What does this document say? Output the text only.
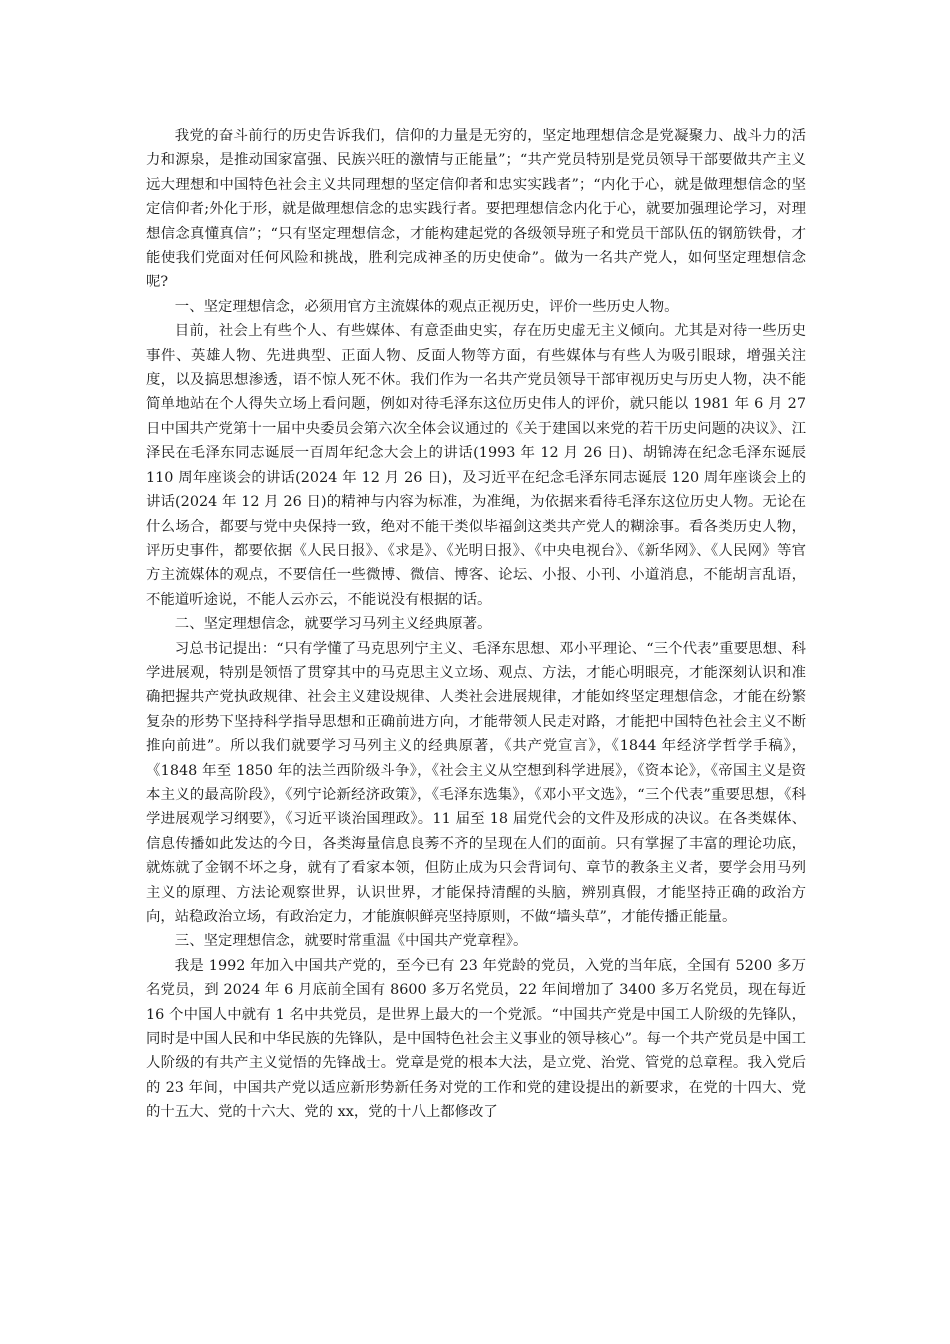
我党的奋斗前行的历史告诉我们，信仰的力量是无穷的，坚定地理想信念是党凝聚力、战斗力的活力和源泉，是推动国家富强、民族兴旺的激情与正能量”；“共产党员特别是党员领导干部要做共产主义远大理想和中国特色社会主义共同理想的坚定信仰者和忠实实践者”；“内化于心，就是做理想信念的坚定信仰者;外化于形，就是做理想信念的忠实践行者。要把理想信念内化于心，就要加强理论学习，对理想信念真懂真信”；“只有坚定理想信念，才能构建起党的各级领导班子和党员干部队伍的钢筋铁骨，才能使我们党面对任何风险和挑战，胜利完成神圣的历史使命”。做为一名共产党人，如何坚定理想信念呢?

一、坚定理想信念，必须用官方主流媒体的观点正视历史，评价一些历史人物。

目前，社会上有些个人、有些媒体、有意歪曲史实，存在历史虚无主义倾向。尤其是对待一些历史事件、英雄人物、先进典型、正面人物、反面人物等方面，有些媒体与有些人为吸引眼球，增强关注度，以及搞思想渗透，语不惊人死不休。我们作为一名共产党员领导干部审视历史与历史人物，决不能简单地站在个人得失立场上看问题，例如对待毛泽东这位历史伟人的评价，就只能以 1981 年 6 月 27 日中国共产党第十一届中央委员会第六次全体会议通过的《关于建国以来党的若干历史问题的决议》、江泽民在毛泽东同志诞辰一百周年纪念大会上的讲话(1993 年 12 月 26 日)、胡锦涛在纪念毛泽东诞辰 110 周年座谈会的讲话(2024 年 12 月 26 日)，及习近平在纪念毛泽东同志诞辰 120 周年座谈会上的讲话(2024 年 12 月 26 日)的精神与内容为标准，为准绳，为依据来看待毛泽东这位历史人物。无论在什么场合，都要与党中央保持一致，绝对不能干类似毕福剑这类共产党人的糊涂事。看各类历史人物，评历史事件，都要依据《人民日报》、《求是》、《光明日报》、《中央电视台》、《新华网》、《人民网》等官方主流媒体的观点，不要信任一些微博、微信、博客、论坛、小报、小刊、小道消息，不能胡言乱语，不能道听途说，不能人云亦云，不能说没有根据的话。

二、坚定理想信念，就要学习马列主义经典原著。

习总书记提出：“只有学懂了马克思列宁主义、毛泽东思想、邓小平理论、“三个代表”重要思想、科学进展观，特别是领悟了贯穿其中的马克思主义立场、观点、方法，才能心明眼亮，才能深刻认识和准确把握共产党执政规律、社会主义建设规律、人类社会进展规律，才能如终坚定理想信念，才能在纷繁复杂的形势下坚持科学指导思想和正确前进方向，才能带领人民走对路，才能把中国特色社会主义不断推向前进”。所以我们就要学习马列主义的经典原著，《共产党宣言》，《1844 年经济学哲学手稿》，《1848 年至 1850 年的法兰西阶级斗争》，《社会主义从空想到科学进展》，《资本论》，《帝国主义是资本主义的最高阶段》，《列宁论新经济政策》，《毛泽东选集》，《邓小平文选》，“三个代表”重要思想，《科学进展观学习纲要》，《习近平谈治国理政》。11 届至 18 届党代会的文件及形成的决议。在各类媒体、信息传播如此发达的今日，各类海量信息良莠不齐的呈现在人们的面前。只有掌握了丰富的理论功底，就炼就了金钢不坏之身，就有了看家本领，但防止成为只会背词句、章节的教条主义者，要学会用马列主义的原理、方法论观察世界，认识世界，才能保持清醒的头脑，辨别真假，才能坚持正确的政治方向，站稳政治立场，有政治定力，才能旗帜鲜亮坚持原则，不做“墙头草”，才能传播正能量。

三、坚定理想信念，就要时常重温《中国共产党章程》。

我是 1992 年加入中国共产党的，至今已有 23 年党龄的党员，入党的当年底，全国有 5200 多万名党员，到 2024 年 6 月底前全国有 8600 多万名党员，22 年间增加了 3400 多万名党员，现在每近 16 个中国人中就有 1 名中共党员，是世界上最大的一个党派。“中国共产党是中国工人阶级的先锋队，同时是中国人民和中华民族的先锋队，是中国特色社会主义事业的领导核心”。每一个共产党员是中国工人阶级的有共产主义觉悟的先锋战士。党章是党的根本大法，是立党、治党、管党的总章程。我入党后的 23 年间，中国共产党以适应新形势新任务对党的工作和党的建设提出的新要求，在党的十四大、党的十五大、党的十六大、党的 xx，党的十八上都修改了
